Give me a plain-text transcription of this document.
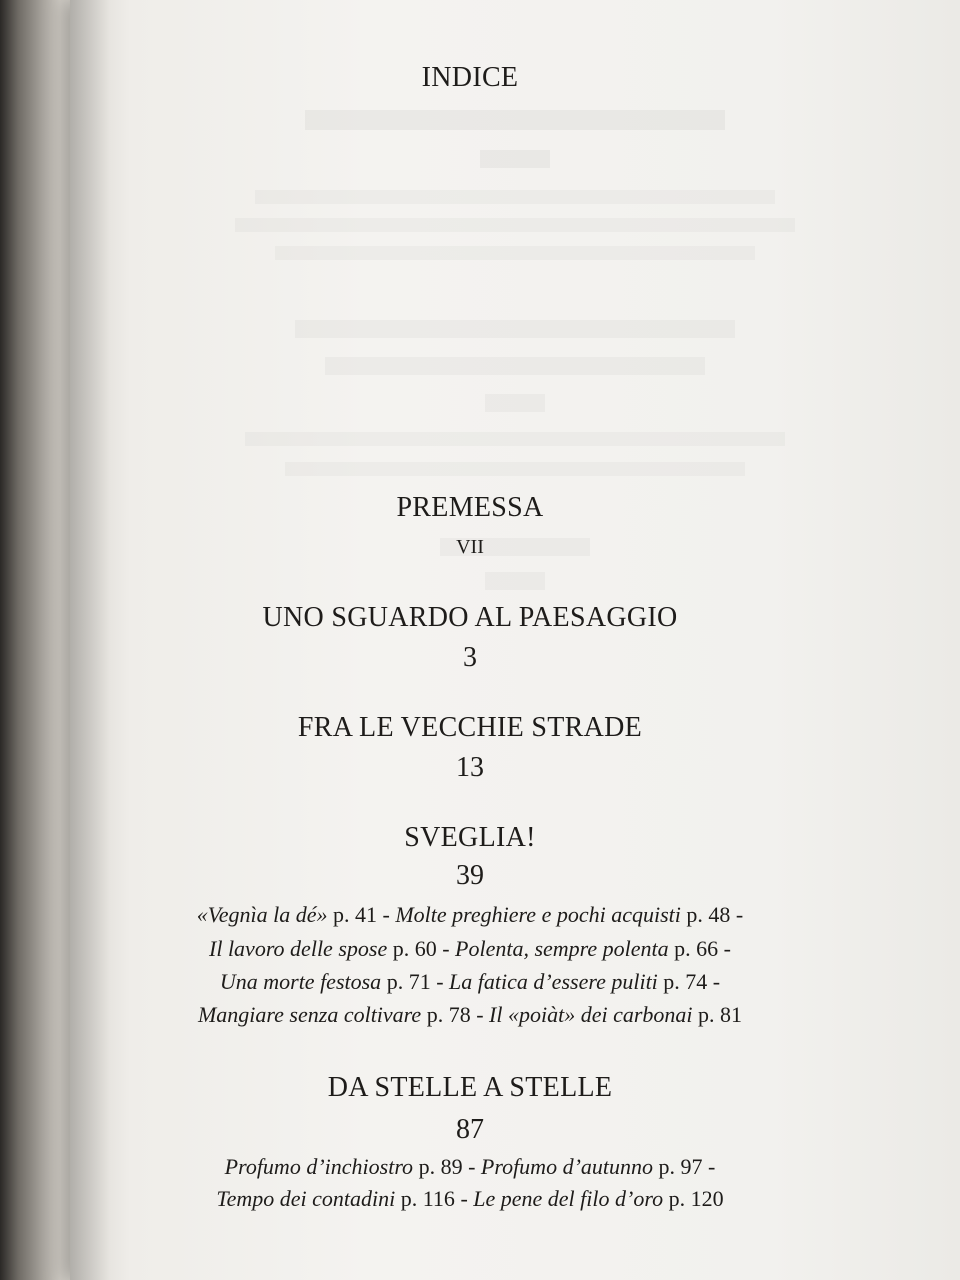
INDICE
PREMESSA
VII
UNO SGUARDO AL PAESAGGIO
3
FRA LE VECCHIE STRADE
13
SVEGLIA!
39
«Vegnìa la dé» p. 41 - Molte preghiere e pochi acquisti p. 48 -
Il lavoro delle spose p. 60 - Polenta, sempre polenta p. 66 -
Una morte festosa p. 71 - La fatica d’essere puliti p. 74 -
Mangiare senza coltivare p. 78 - Il «poiàt» dei carbonai p. 81
DA STELLE A STELLE
87
Profumo d’inchiostro p. 89 - Profumo d’autunno p. 97 -
Tempo dei contadini p. 116 - Le pene del filo d’oro p. 120
